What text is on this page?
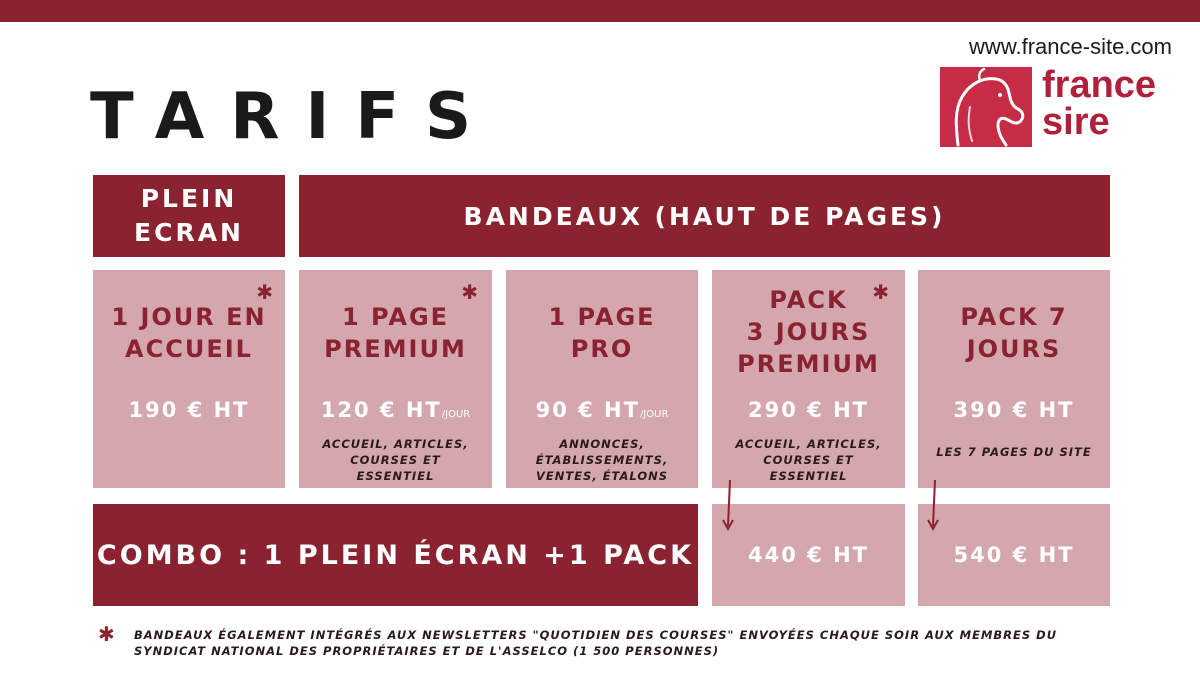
www.france-site.com
france
sire
TARIFS
PLEIN
ECRAN
BANDEAUX (HAUT DE PAGES)
✱
1 JOUR EN
ACCUEIL
190 € HT
✱
1 PAGE
PREMIUM
120 € HT/JOUR
ACCUEIL, ARTICLES,
COURSES ET
ESSENTIEL
1 PAGE
PRO
90 € HT/JOUR
ANNONCES,
ÉTABLISSEMENTS,
VENTES, ÉTALONS
✱
PACK
3 JOURS
PREMIUM
290 € HT
ACCUEIL, ARTICLES,
COURSES ET
ESSENTIEL
PACK 7
JOURS
390 € HT
LES 7 PAGES DU SITE
COMBO : 1 PLEIN ÉCRAN +1 PACK	440 € HT	540 € HT
✱ BANDEAUX ÉGALEMENT INTÉGRÉS AUX NEWSLETTERS "QUOTIDIEN DES COURSES" ENVOYÉES CHAQUE SOIR AUX MEMBRES DU
SYNDICAT NATIONAL DES PROPRIÉTAIRES ET DE L'ASSELCO (1 500 PERSONNES)
